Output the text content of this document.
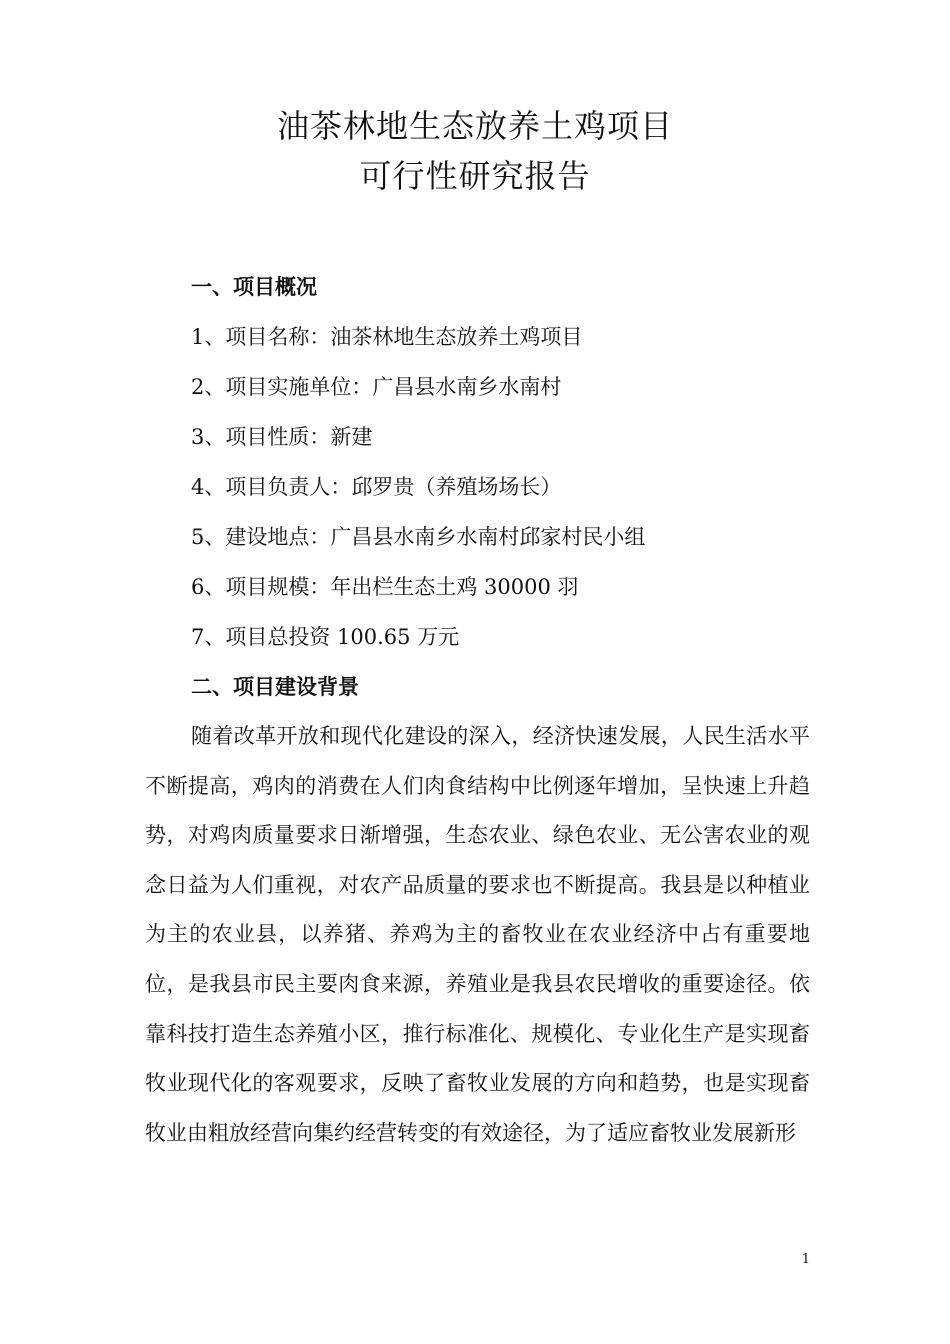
油茶林地生态放养土鸡项目
可行性研究报告
一、项目概况
1、项目名称：油茶林地生态放养土鸡项目
2、项目实施单位：广昌县水南乡水南村
3、项目性质：新建
4、项目负责人：邱罗贵（养殖场场长）
5、建设地点：广昌县水南乡水南村邱家村民小组
6、项目规模：年出栏生态土鸡 30000 羽
7、项目总投资 100.65 万元
二、项目建设背景

随着改革开放和现代化建设的深入，经济快速发展，人民生活水平不断提高，鸡肉的消费在人们肉食结构中比例逐年增加，呈快速上升趋势，对鸡肉质量要求日渐增强，生态农业、绿色农业、无公害农业的观念日益为人们重视，对农产品质量的要求也不断提高。我县是以种植业为主的农业县，以养猪、养鸡为主的畜牧业在农业经济中占有重要地位，是我县市民主要肉食来源，养殖业是我县农民增收的重要途径。依靠科技打造生态养殖小区，推行标准化、规模化、专业化生产是实现畜牧业现代化的客观要求，反映了畜牧业发展的方向和趋势，也是实现畜牧业由粗放经营向集约经营转变的有效途径，为了适应畜牧业发展新形

1
